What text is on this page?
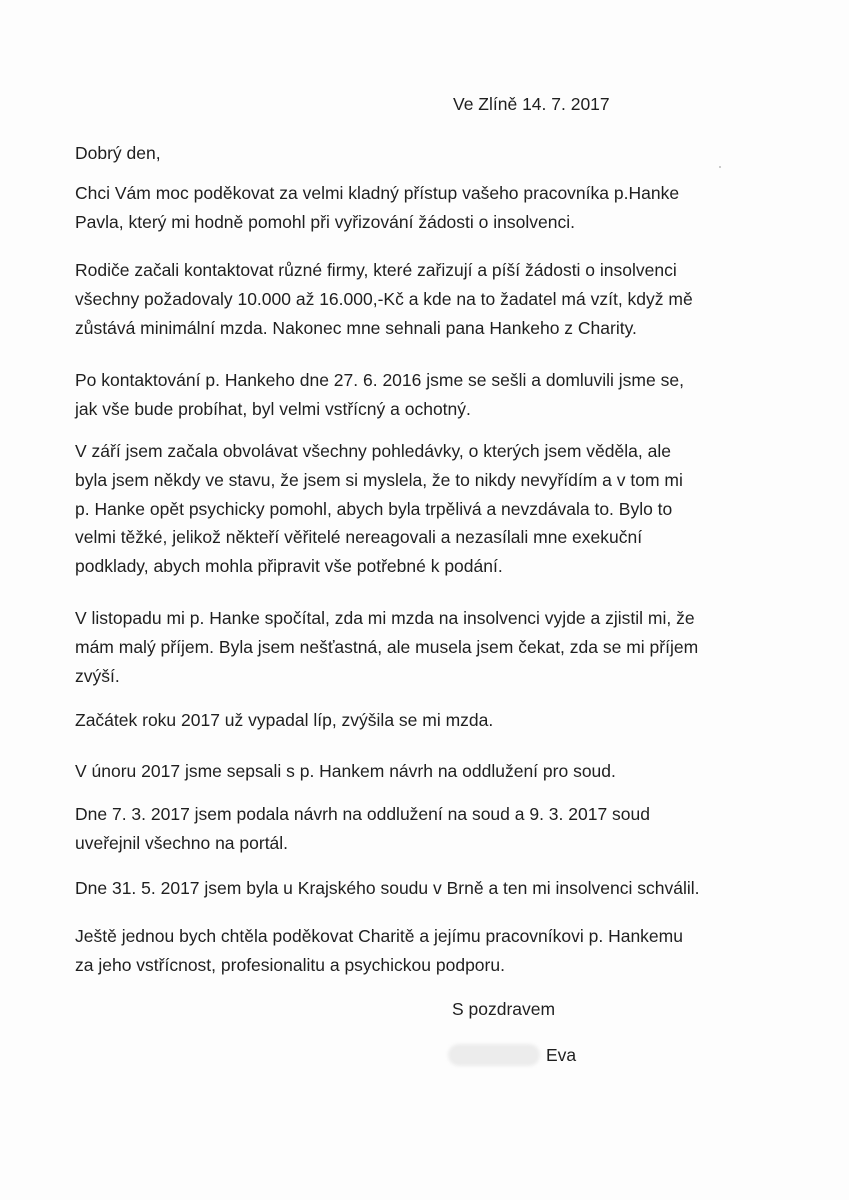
Ve Zlíně 14. 7. 2017

Dobrý den,

Chci Vám moc poděkovat za velmi kladný přístup vašeho pracovníka p.Hanke
Pavla, který mi hodně pomohl při vyřizování žádosti o insolvenci.

Rodiče začali kontaktovat různé firmy, které zařizují a píší žádosti o insolvenci
všechny požadovaly 10.000 až 16.000,-Kč a kde na to žadatel má vzít, když mě
zůstává minimální mzda. Nakonec mne sehnali pana Hankeho z Charity.

Po kontaktování p. Hankeho dne 27. 6. 2016 jsme se sešli a domluvili jsme se,
jak vše bude probíhat, byl velmi vstřícný a ochotný.

V září jsem začala obvolávat všechny pohledávky, o kterých jsem věděla, ale
byla jsem někdy ve stavu, že jsem si myslela, že to nikdy nevyřídím a v tom mi
p. Hanke opět psychicky pomohl, abych byla trpělivá a nevzdávala to. Bylo to
velmi těžké, jelikož někteří věřitelé nereagovali a nezasílali mne exekuční
podklady, abych mohla připravit vše potřebné k podání.

V listopadu mi p. Hanke spočítal, zda mi mzda na insolvenci vyjde a zjistil mi, že
mám malý příjem. Byla jsem nešťastná, ale musela jsem čekat, zda se mi příjem
zvýší.

Začátek roku 2017 už vypadal líp, zvýšila se mi mzda.

V únoru 2017 jsme sepsali s p. Hankem návrh na oddlužení pro soud.

Dne 7. 3. 2017 jsem podala návrh na oddlužení na soud a 9. 3. 2017 soud
uveřejnil všechno na portál.

Dne 31. 5. 2017 jsem byla u Krajského soudu v Brně a ten mi insolvenci schválil.

Ještě jednou bych chtěla poděkovat Charitě a jejímu pracovníkovi p. Hankemu
za jeho vstřícnost, profesionalitu a psychickou podporu.

S pozdravem
Eva
